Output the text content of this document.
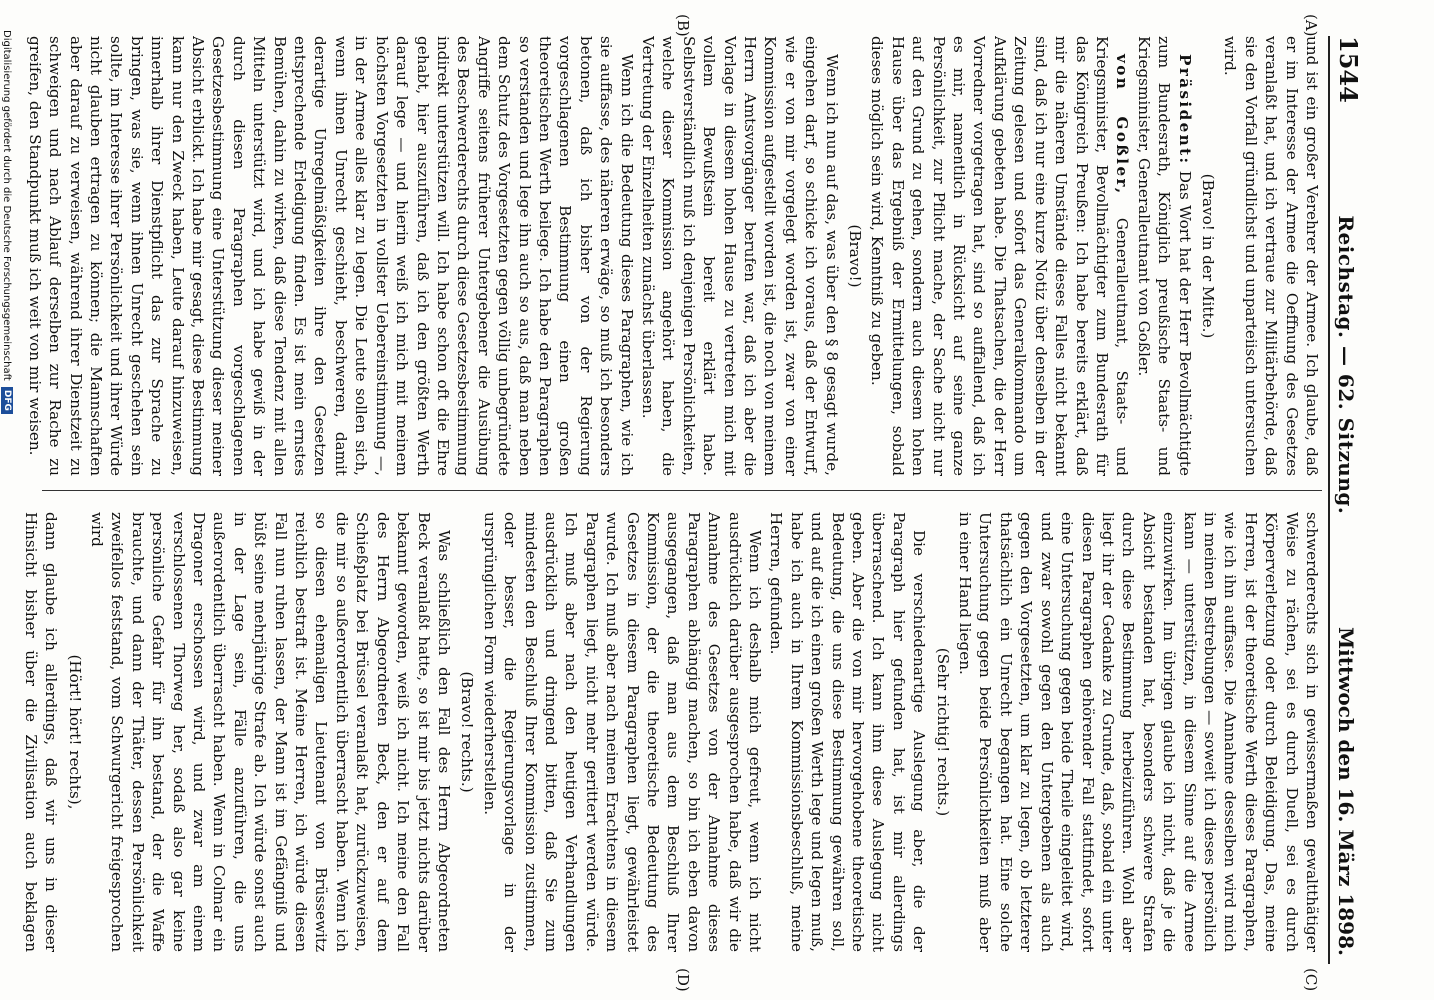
1544
Reichstag. — 62. Sitzung.
Mittwoch den 16. März 1898.
(A)
(B)
(C)
(D)

und ist ein großer Verehrer der Armee. Ich glaube, daß er im Interesse der Armee die Oeffnung des Gesetzes veranlaßt hat, und ich vertraue zur Militärbehörde, daß sie den Vorfall gründlichst und unparteiisch untersuchen wird.

(Bravo! in der Mitte.)

Präsident: Das Wort hat der Herr Bevollmächtigte zum Bundesrath, Königlich preußische Staats- und Kriegsminister, Generalleutnant von Goßler.

von Goßler, Generalleutnant, Staats- und Kriegsminister, Bevollmächtigter zum Bundesrath für das Königreich Preußen: Ich habe bereits erklärt, daß mir die näheren Umstände dieses Falles nicht bekannt sind, daß ich nur eine kurze Notiz über denselben in der Zeitung gelesen und sofort das Generalkommando um Aufklärung gebeten habe. Die Thatsachen, die der Herr Vorredner vorgetragen hat, sind so auffallend, daß ich es mir, namentlich in Rücksicht auf seine ganze Persönlichkeit, zur Pflicht mache, der Sache nicht nur auf den Grund zu gehen, sondern auch diesem hohen Hause über das Ergebniß der Ermittelungen, sobald dieses möglich sein wird, Kenntniß zu geben.

(Bravo!)

Wenn ich nun auf das, was über den § 8 gesagt wurde, eingehen darf, so schicke ich voraus, daß der Entwurf, wie er von mir vorgelegt worden ist, zwar von einer Kommission aufgestellt worden ist, die noch von meinem Herrn Amtsvorgänger berufen war, daß ich aber die Vorlage in diesem hohen Hause zu vertreten mich mit vollem Bewußtsein bereit erklärt habe. Selbstverständlich muß ich denjenigen Persönlichkeiten, welche dieser Kommission angehört haben, die Vertretung der Einzelheiten zunächst überlassen.

Wenn ich die Bedeutung dieses Paragraphen, wie ich sie auffasse, des näheren erwäge, so muß ich besonders betonen, daß ich bisher von der Regierung vorgeschlagenen Bestimmung einen großen theoretischen Werth beilege. Ich habe den Paragraphen so verstanden und lege ihn auch so aus, daß man neben dem Schutz des Vorgesetzten gegen völlig unbegründete Angriffe seitens früherer Untergebener die Ausübung des Beschwerderechts durch diese Gesetzesbestimmung indirekt unterstützen will. Ich habe schon oft die Ehre gehabt, hier auszuführen, daß ich den größten Werth darauf lege — und hierin weiß ich mich mit meinem höchsten Vorgesetzten in vollster Uebereinstimmung —, in der Armee alles klar zu legen. Die Leute sollen sich, wenn ihnen Unrecht geschieht, beschweren, damit derartige Unregelmäßigkeiten ihre den Gesetzen entsprechende Erledigung finden. Es ist mein ernstes Bemühen, dahin zu wirken, daß diese Tendenz mit allen Mitteln unterstützt wird, und ich habe gewiß in der durch diesen Paragraphen vorgeschlagenen Gesetzesbestimmung eine Unterstützung dieser meiner Absicht erblickt. Ich habe mir gesagt, diese Bestimmung kann nur den Zweck haben, Leute darauf hinzuweisen, innerhalb ihrer Dienstpflicht das zur Sprache zu bringen, was sie, wenn ihnen Unrecht geschehen sein sollte, im Interesse ihrer Persönlichkeit und ihrer Würde nicht glauben ertragen zu können; die Mannschaften aber darauf zu verweisen, während ihrer Dienstzeit zu schweigen und nach Ablauf derselben zur Rache zu greifen, den Standpunkt muß ich weit von mir weisen.

schwerderechts sich in gewissermaßen gewaltthätiger Weise zu rächen, sei es durch Duell, sei es durch Körperverletzung oder durch Beleidigung. Das, meine Herren, ist der theoretische Werth dieses Paragraphen, wie ich ihn auffasse. Die Annahme desselben wird mich in meinen Bestrebungen — soweit ich dieses persönlich kann — unterstützen, in diesem Sinne auf die Armee einzuwirken. Im übrigen glaube ich nicht, daß je die Absicht bestanden hat, besonders schwere Strafen durch diese Bestimmung herbeizuführen. Wohl aber liegt ihr der Gedanke zu Grunde, daß, sobald ein unter diesen Paragraphen gehörender Fall stattfindet, sofort eine Untersuchung gegen beide Theile eingeleitet wird, und zwar sowohl gegen den Untergebenen als auch gegen den Vorgesetzten, um klar zu legen, ob letzterer thatsächlich ein Unrecht begangen hat. Eine solche Untersuchung gegen beide Persönlichkeiten muß aber in einer Hand liegen.

(Sehr richtig! rechts.)

Die verschiedenartige Auslegung aber, die der Paragraph hier gefunden hat, ist mir allerdings überraschend. Ich kann ihm diese Auslegung nicht geben. Aber die von mir hervorgehobene theoretische Bedeutung, die uns diese Bestimmung gewähren soll, und auf die ich einen großen Werth lege und legen muß, habe ich auch in Ihrem Kommissionsbeschluß, meine Herren, gefunden.

Wenn ich deshalb mich gefreut, wenn ich nicht ausdrücklich darüber ausgesprochen habe, daß wir die Annahme des Gesetzes von der Annahme dieses Paragraphen abhängig machen, so bin ich eben davon ausgegangen, daß man aus dem Beschluß Ihrer Kommission, der die theoretische Bedeutung des Gesetzes in diesem Paragraphen liegt, gewährleistet wurde. Ich muß aber nach meinen Erachtens in diesem Paragraphen liegt, nicht mehr gerittert werden würde. Ich muß aber nach den heutigen Verhandlungen ausdrücklich und dringend bitten, daß Sie zum mindesten den Beschluß Ihrer Kommission zustimmen, oder besser, die Regierungsvorlage in der ursprünglichen Form wiederherstellen.

(Bravo! rechts.)

Was schließlich den Fall des Herrn Abgeordneten Beck veranlaßt hatte, so ist mir bis jetzt nichts darüber bekannt geworden, weiß ich nicht. Ich meine den Fall des Herrn Abgeordneten Beck, den er auf dem Schießplatz bei Brüssel veranlaßt hat, zurückzuweisen, die mir so außerordentlich überrascht haben. Wenn ich so diesen ehemaligen Lieutenant von Brüssewitz reichlich bestraft ist. Meine Herren, ich würde diesen Fall nun ruhen lassen, der Mann ist im Gefängniß und büßt seine mehrjährige Strafe ab. Ich würde sonst auch in der Lage sein, Fälle anzuführen, die uns außerordentlich überrascht haben. Wenn in Colmar ein Dragoner erschossen wird, und zwar am einem verschlossenen Thorweg her, sodaß also gar keine persönliche Gefahr für ihn bestand, der die Waffe brauchte, und dann der Thäter, dessen Persönlichkeit zweifellos feststand, vom Schwurgericht freigesprochen wird

(Hört! hört! rechts),

dann glaube ich allerdings, daß wir uns in dieser Hinsicht bisher über die Zivilisation auch beklagen

Digitalisierung gefördert durch die Deutsche Forschungsgemeinschaft
DFG
